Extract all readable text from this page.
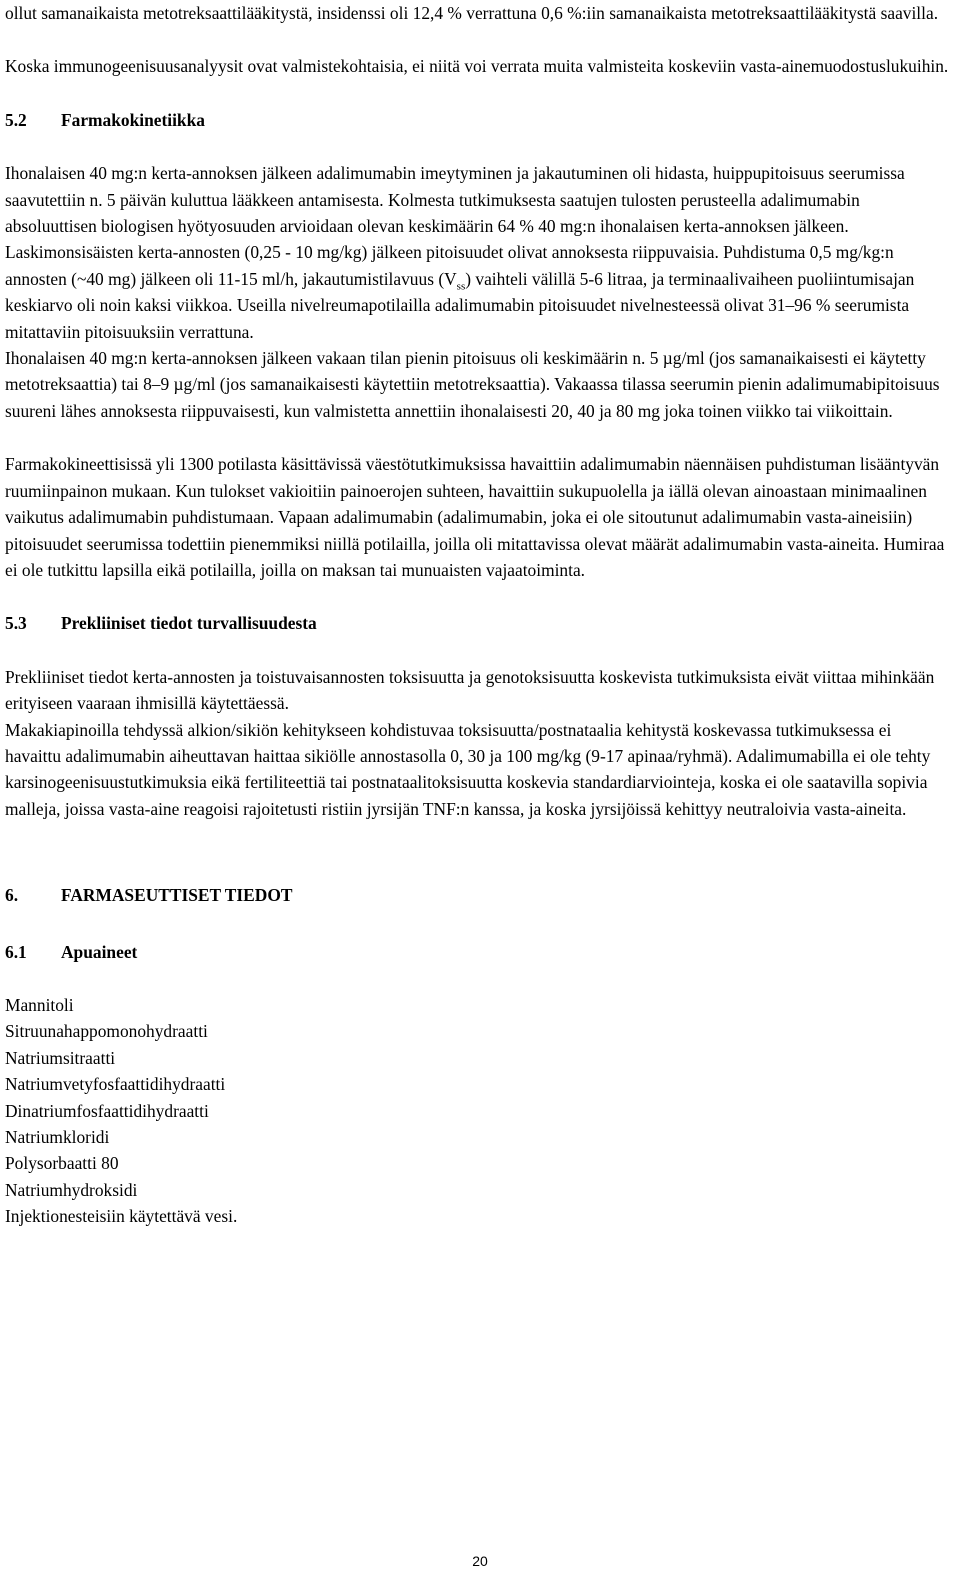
ollut samanaikaista metotreksaattilääkitystä, insidenssi oli 12,4 % verrattuna 0,6 %:iin samanaikaista metotreksaattilääkitystä saavilla.

Koska immunogeenisuusanalyysit ovat valmistekohtaisia, ei niitä voi verrata muita valmisteita koskeviin vasta-ainemuodostuslukuihin.

5.2 Farmakokinetiikka

Ihonalaisen 40 mg:n kerta-annoksen jälkeen adalimumabin imeytyminen ja jakautuminen oli hidasta, huippupitoisuus seerumissa saavutettiin n. 5 päivän kuluttua lääkkeen antamisesta. Kolmesta tutkimuksesta saatujen tulosten perusteella adalimumabin absoluuttisen biologisen hyötyosuuden arvioidaan olevan keskimäärin 64 % 40 mg:n ihonalaisen kerta-annoksen jälkeen. Laskimonsisäisten kerta-annosten (0,25 - 10 mg/kg) jälkeen pitoisuudet olivat annoksesta riippuvaisia. Puhdistuma 0,5 mg/kg:n annosten (~40 mg) jälkeen oli 11-15 ml/h, jakautumistilavuus $(V_{ss})$ vaihteli välillä 5-6 litraa, ja terminaalivaiheen puoliintumisajan keskiarvo oli noin kaksi viikkoa. Useilla nivelreumapotilailla adalimumabin pitoisuudet nivelnesteessä olivat 31–96 % seerumista mitattaviin pitoisuuksiin verrattuna.

Ihonalaisen 40 mg:n kerta-annoksen jälkeen vakaan tilan pienin pitoisuus oli keskimäärin n. 5 µg/ml (jos samanaikaisesti ei käytetty metotreksaattia) tai 8–9 µg/ml (jos samanaikaisesti käytettiin metotreksaattia). Vakaassa tilassa seerumin pienin adalimumabipitoisuus suureni lähes annoksesta riippuvaisesti, kun valmistetta annettiin ihonalaisesti 20, 40 ja 80 mg joka toinen viikko tai viikoittain.

Farmakokineettisissä yli 1300 potilasta käsittävissä väestötutkimuksissa havaittiin adalimumabin näennäisen puhdistuman lisääntyvän ruumiinpainon mukaan. Kun tulokset vakioitiin painoerojen suhteen, havaittiin sukupuolella ja iällä olevan ainoastaan minimaalinen vaikutus adalimumabin puhdistumaan. Vapaan adalimumabin (adalimumabin, joka ei ole sitoutunut adalimumabin vasta-aineisiin) pitoisuudet seerumissa todettiin pienemmiksi niillä potilailla, joilla oli mitattavissa olevat määrät adalimumabin vasta-aineita. Humiraa ei ole tutkittu lapsilla eikä potilailla, joilla on maksan tai munuaisten vajaatoiminta.

5.3 Prekliiniset tiedot turvallisuudesta

Prekliiniset tiedot kerta-annosten ja toistuvaisannosten toksisuutta ja genotoksisuutta koskevista tutkimuksista eivät viittaa mihinkään erityiseen vaaraan ihmisillä käytettäessä.

Makakiapinoilla tehdyssä alkion/sikiön kehitykseen kohdistuvaa toksisuutta/postnataalia kehitystä koskevassa tutkimuksessa ei havaittu adalimumabin aiheuttavan haittaa sikiölle annostasolla 0, 30 ja 100 mg/kg (9-17 apinaa/ryhmä). Adalimumabilla ei ole tehty karsinogeenisuustutkimuksia eikä fertiliteettiä tai postnataalitoksisuutta koskevia standardiarviointeja, koska ei ole saatavilla sopivia malleja, joissa vasta-aine reagoisi rajoitetusti ristiin jyrsijän TNF:n kanssa, ja koska jyrsijöissä kehittyy neutraloivia vasta-aineita.

6. FARMASEUTTISET TIEDOT
6.1 Apuaineet
Mannitoli
Sitruunahappomonohydraatti
Natriumsitraatti
Natriumvetyfosfaattidihydraatti
Dinatriumfosfaattidihydraatti
Natriumkloridi
Polysorbaatti 80
Natriumhydroksidi
Injektionesteisiin käytettävä vesi.
20
